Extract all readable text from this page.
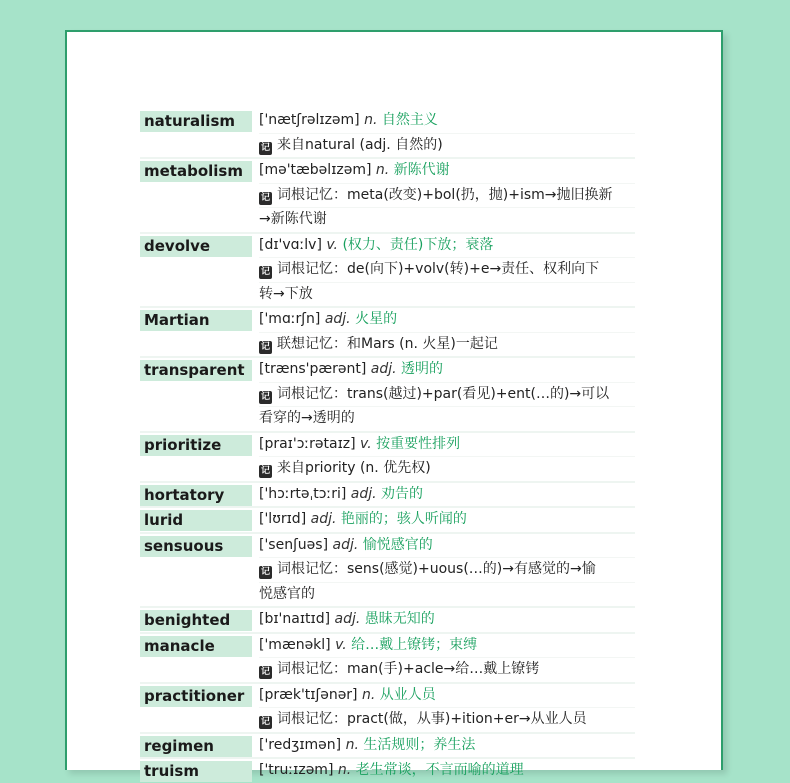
naturalism	['nætʃrəlɪzəm] n. 自然主义
记 来自natural (adj. 自然的)
metabolism	[mə'tæbəlɪzəm] n. 新陈代谢
记 词根记忆：meta(改变)+bol(扔，抛)+ism→抛旧换新
→新陈代谢
devolve	[dɪ'vɑːlv] v. (权力、责任)下放；衰落
记 词根记忆：de(向下)+volv(转)+e→责任、权利向下
转→下放
Martian	['mɑːrʃn] adj. 火星的
记 联想记忆：和Mars (n. 火星)一起记
transparent	[træns'pærənt] adj. 透明的
记 词根记忆：trans(越过)+par(看见)+ent(…的)→可以
看穿的→透明的
prioritize	[praɪ'ɔːrətaɪz] v. 按重要性排列
记 来自priority (n. 优先权)
hortatory	['hɔːrtəˌtɔːri] adj. 劝告的
lurid	['lʊrɪd] adj. 艳丽的；骇人听闻的
sensuous	['senʃuəs] adj. 愉悦感官的
记 词根记忆：sens(感觉)+uous(…的)→有感觉的→愉
悦感官的
benighted	[bɪ'naɪtɪd] adj. 愚昧无知的
manacle	['mænəkl] v. 给…戴上镣铐；束缚
记 词根记忆：man(手)+acle→给…戴上镣铐
practitioner	[præk'tɪʃənər] n. 从业人员
记 词根记忆：pract(做，从事)+ition+er→从业人员
regimen	['redʒɪmən] n. 生活规则；养生法
truism	['truːɪzəm] n. 老生常谈，不言而喻的道理
